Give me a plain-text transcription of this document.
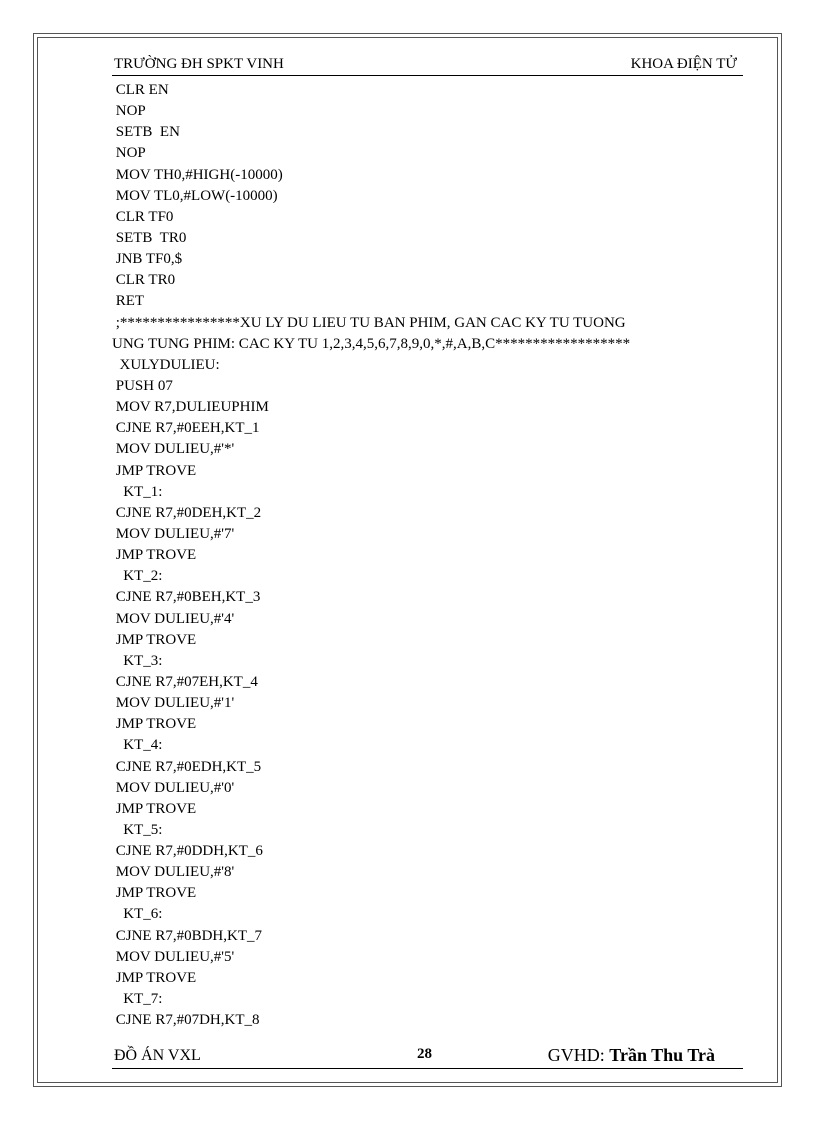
TRƯỜNG ĐH SPKT VINH	KHOA ĐIỆN TỬ
CLR EN
NOP
SETB  EN
NOP
MOV TH0,#HIGH(-10000)
MOV TL0,#LOW(-10000)
CLR TF0
SETB  TR0
JNB TF0,$
CLR TR0
RET
;****************XU LY DU LIEU TU BAN PHIM, GAN CAC KY TU TUONG
UNG TUNG PHIM: CAC KY TU 1,2,3,4,5,6,7,8,9,0,*,#,A,B,C******************
XULYDULIEU:
PUSH 07
MOV R7,DULIEUPHIM
CJNE R7,#0EEH,KT_1
MOV DULIEU,#'*'
JMP TROVE
KT_1:
CJNE R7,#0DEH,KT_2
MOV DULIEU,#'7'
JMP TROVE
KT_2:
CJNE R7,#0BEH,KT_3
MOV DULIEU,#'4'
JMP TROVE
KT_3:
CJNE R7,#07EH,KT_4
MOV DULIEU,#'1'
JMP TROVE
KT_4:
CJNE R7,#0EDH,KT_5
MOV DULIEU,#'0'
JMP TROVE
KT_5:
CJNE R7,#0DDH,KT_6
MOV DULIEU,#'8'
JMP TROVE
KT_6:
CJNE R7,#0BDH,KT_7
MOV DULIEU,#'5'
JMP TROVE
KT_7:
CJNE R7,#07DH,KT_8
ĐỒ ÁN VXL	28	GVHD: Trần Thu Trà
